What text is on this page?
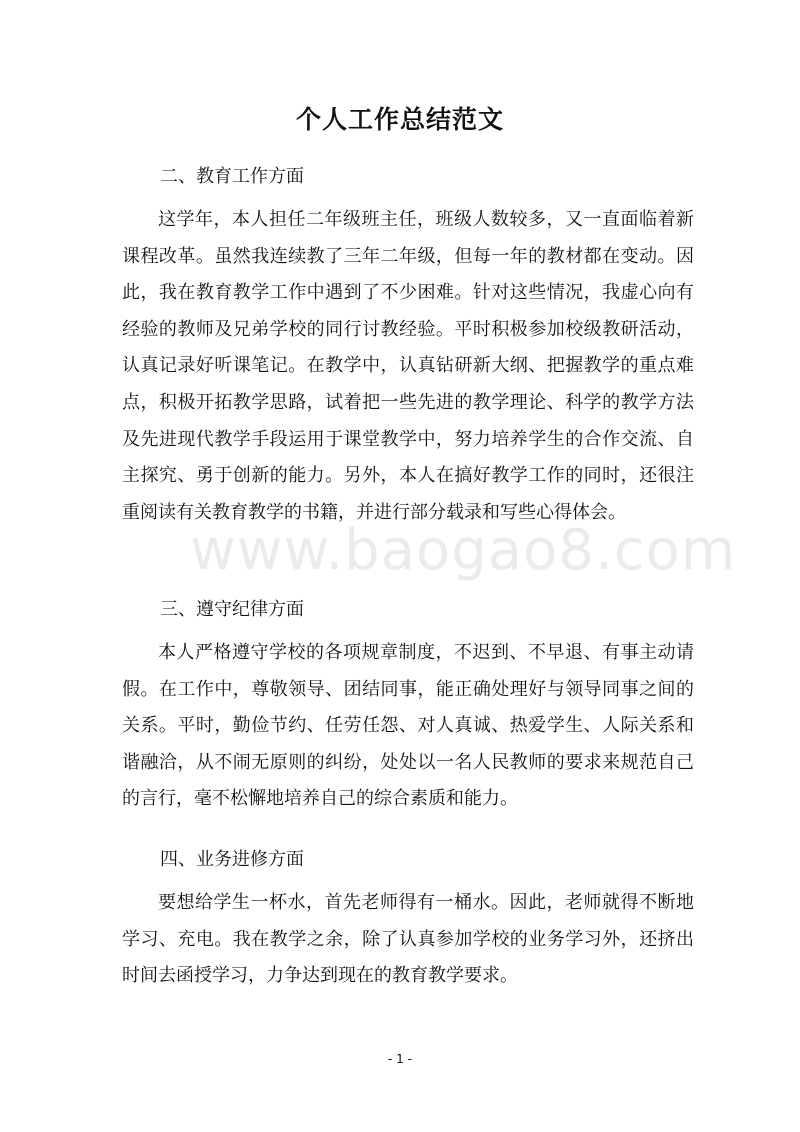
个人工作总结范文
二、教育工作方面
这学年，本人担任二年级班主任，班级人数较多，又一直面临着新课程改革。虽然我连续教了三年二年级，但每一年的教材都在变动。因此，我在教育教学工作中遇到了不少困难。针对这些情况，我虚心向有经验的教师及兄弟学校的同行讨教经验。平时积极参加校级教研活动，认真记录好听课笔记。在教学中，认真钻研新大纲、把握教学的重点难点，积极开拓教学思路，试着把一些先进的教学理论、科学的教学方法及先进现代教学手段运用于课堂教学中，努力培养学生的合作交流、自主探究、勇于创新的能力。另外，本人在搞好教学工作的同时，还很注重阅读有关教育教学的书籍，并进行部分载录和写些心得体会。
三、遵守纪律方面
本人严格遵守学校的各项规章制度，不迟到、不早退、有事主动请假。在工作中，尊敬领导、团结同事，能正确处理好与领导同事之间的关系。平时，勤俭节约、任劳任怨、对人真诚、热爱学生、人际关系和谐融洽，从不闹无原则的纠纷，处处以一名人民教师的要求来规范自己的言行，毫不松懈地培养自己的综合素质和能力。
四、业务进修方面
要想给学生一杯水，首先老师得有一桶水。因此，老师就得不断地学习、充电。我在教学之余，除了认真参加学校的业务学习外，还挤出时间去函授学习，力争达到现在的教育教学要求。
www.baogao8.com
- 1 -
